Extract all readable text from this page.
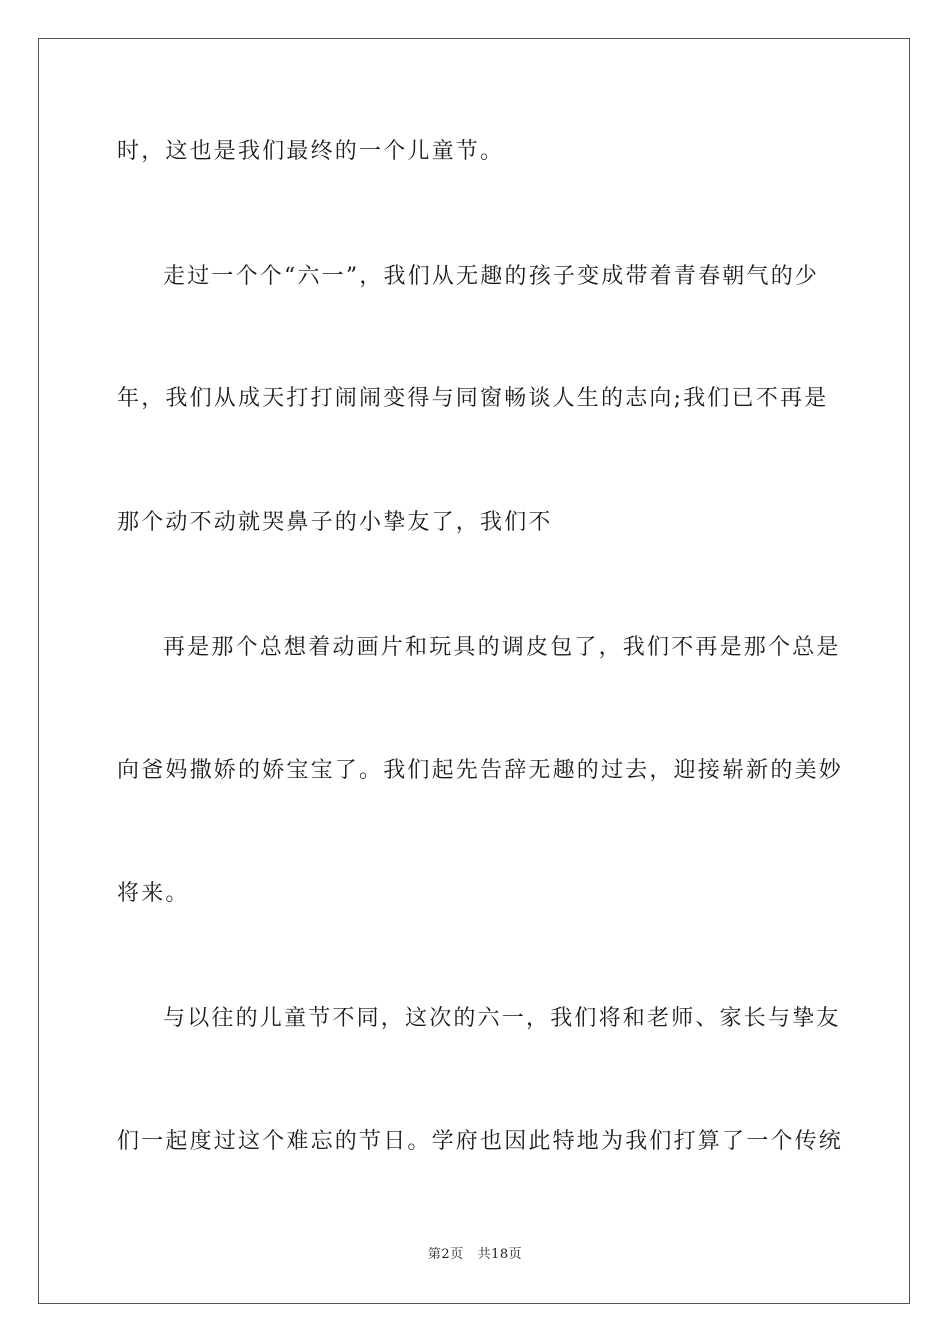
时，这也是我们最终的一个儿童节。
走过一个个“六一”，我们从无趣的孩子变成带着青春朝气的少
年，我们从成天打打闹闹变得与同窗畅谈人生的志向;我们已不再是
那个动不动就哭鼻子的小挚友了，我们不
再是那个总想着动画片和玩具的调皮包了，我们不再是那个总是
向爸妈撒娇的娇宝宝了。我们起先告辞无趣的过去，迎接崭新的美妙
将来。
与以往的儿童节不同，这次的六一，我们将和老师、家长与挚友
们一起度过这个难忘的节日。学府也因此特地为我们打算了一个传统
第2页 共18页
